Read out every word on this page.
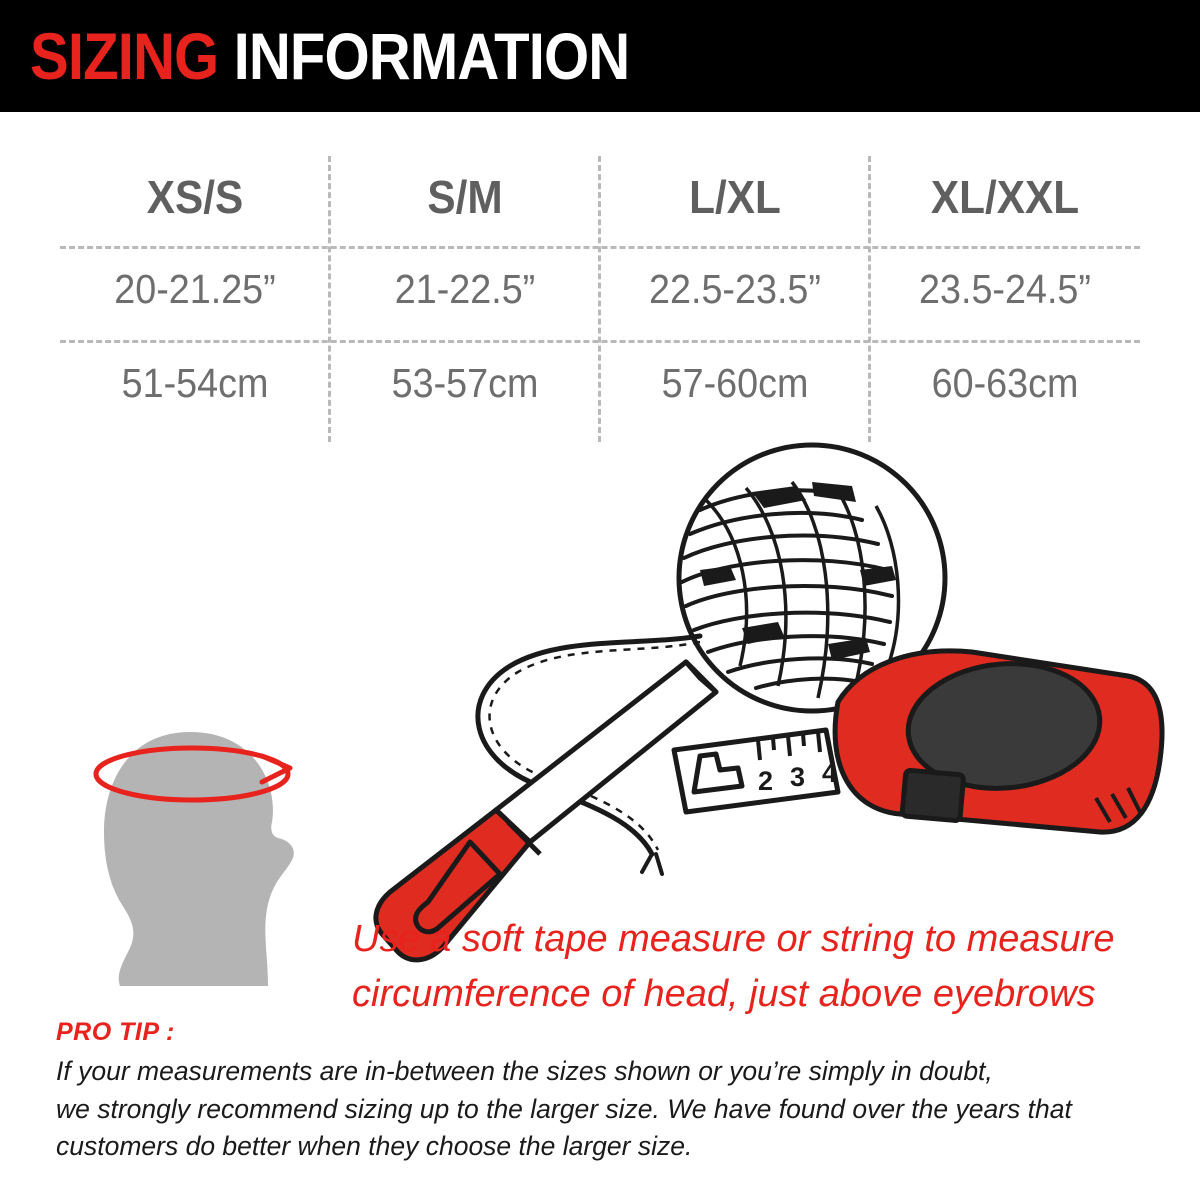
SIZING INFORMATION
XS/S
20-21.25”
51-54cm
S/M
21-22.5”
53-57cm
L/XL
22.5-23.5”
57-60cm
XL/XXL
23.5-24.5”
60-63cm
2 3 4
Use a soft tape measure or string to measure
circumference of head, just above eyebrows
PRO TIP :
If your measurements are in-between the sizes shown or you’re simply in doubt,
we strongly recommend sizing up to the larger size. We have found over the years that
customers do better when they choose the larger size.
